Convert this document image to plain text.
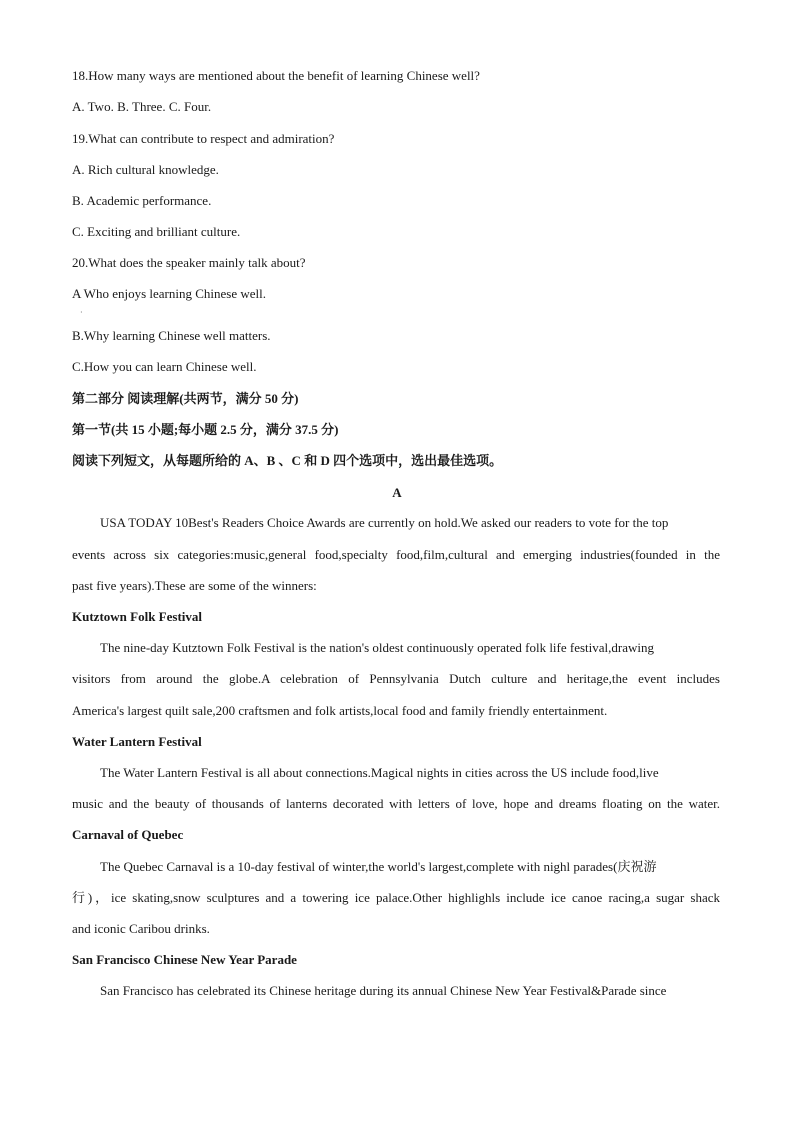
18.How many ways are mentioned about the benefit of learning Chinese well?
A. Two. B. Three. C. Four.
19.What can contribute to respect and admiration?
A. Rich cultural knowledge.
B. Academic performance.
C. Exciting and brilliant culture.
20.What does the speaker mainly talk about?
A Who enjoys learning Chinese well.
·
B.Why learning Chinese well matters.
C.How you can learn Chinese well.
第二部分 阅读理解(共两节，满分 50 分)
第一节(共 15 小题;每小题 2.5 分，满分 37.5 分)
阅读下列短文，从每题所给的 A、B 、C 和 D 四个选项中，选出最佳选项。
A
USA TODAY 10Best's Readers Choice Awards are currently on hold.We asked our readers to vote for the top
events across six categories:music,general food,specialty food,film,cultural and emerging industries(founded in the
past five years).These are some of the winners:
Kutztown Folk Festival
The nine-day Kutztown Folk Festival is the nation's oldest continuously operated folk life festival,drawing
visitors from around the globe.A celebration of Pennsylvania Dutch culture and heritage,the event includes
America's largest quilt sale,200 craftsmen and folk artists,local food and family friendly entertainment.
Water Lantern Festival
The Water Lantern Festival is all about connections.Magical nights in cities across the US include food,live
music and the beauty of thousands of lanterns decorated with letters of love, hope and dreams floating on the water.
Carnaval of Quebec
The Quebec Carnaval is a 10-day festival of winter,the world's largest,complete with nighl parades(庆祝游
行)，ice skating,snow sculptures and a towering ice palace.Other highlighls include ice canoe racing,a sugar shack
and iconic Caribou drinks.
San Francisco Chinese New Year Parade
San Francisco has celebrated its Chinese heritage during its annual Chinese New Year Festival&Parade since
